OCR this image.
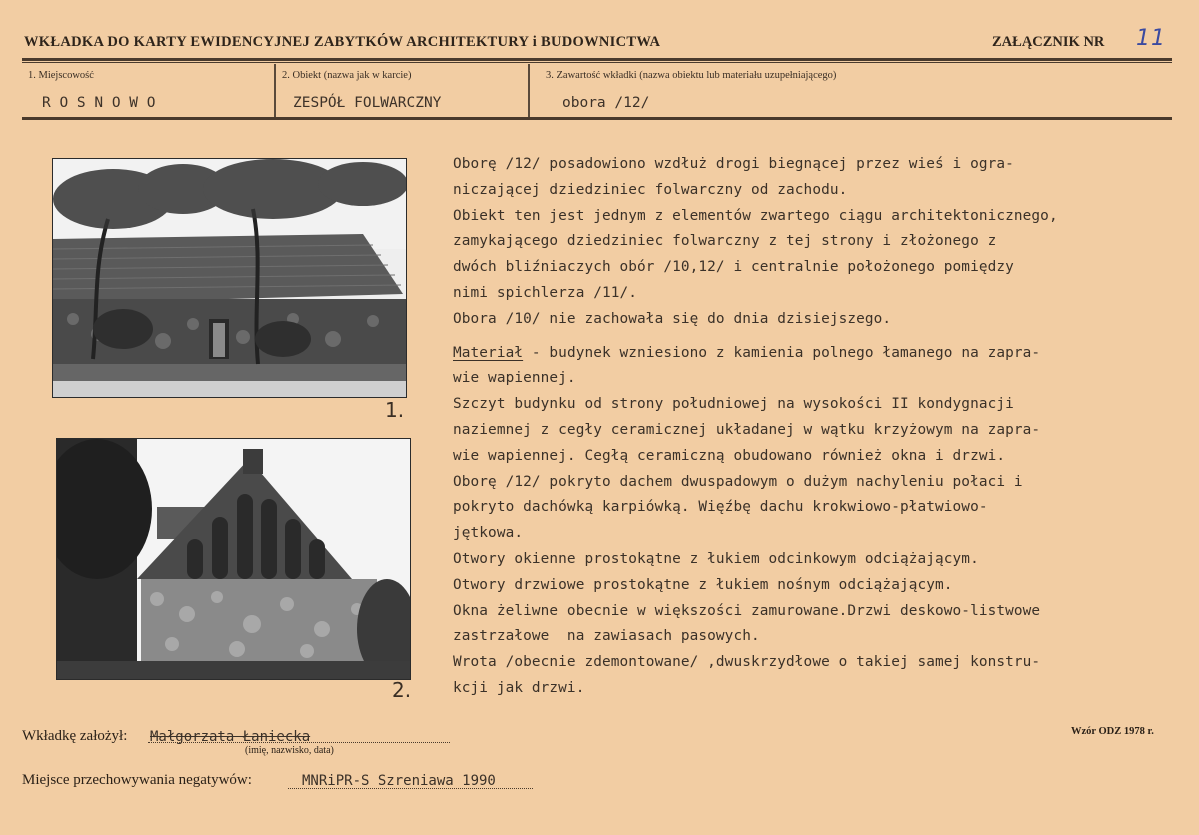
WKŁADKA DO KARTY EWIDENCYJNEJ ZABYTKÓW ARCHITEKTURY i BUDOWNICTWA	ZAŁĄCZNIK NR 11
1. Miejscowość
R O S N O W O
2. Obiekt (nazwa jak w karcie)
ZESPÓŁ FOLWARCZNY
3. Zawartość wkładki (nazwa obiektu lub materiału uzupełniającego)
obora /12/
1.
2.
Oborę /12/ posadowiono wzdłuż drogi biegnącej przez wieś i ogra-
niczającej dziedziniec folwarczny od zachodu.
Obiekt ten jest jednym z elementów zwartego ciągu architektonicznego,
zamykającego dziedziniec folwarczny z tej strony i złożonego z
dwóch bliźniaczych obór /10,12/ i centralnie położonego pomiędzy
nimi spichlerza /11/.
Obora /10/ nie zachowała się do dnia dzisiejszego.
Materiał - budynek wzniesiono z kamienia polnego łamanego na zapra-
wie wapiennej.
Szczyt budynku od strony południowej na wysokości II kondygnacji
naziemnej z cegły ceramicznej układanej w wątku krzyżowym na zapra-
wie wapiennej. Cegłą ceramiczną obudowano również okna i drzwi.
Oborę /12/ pokryto dachem dwuspadowym o dużym nachyleniu połaci i
pokryto dachówką karpiówką. Więźbę dachu krokwiowo-płatwiowo-
jętkowa.
Otwory okienne prostokątne z łukiem odcinkowym odciążającym.
Otwory drzwiowe prostokątne z łukiem nośnym odciążającym.
Okna żeliwne obecnie w większości zamurowane.Drzwi deskowo-listwowe
zastrzałowe  na zawiasach pasowych.
Wrota /obecnie zdemontowane/ ,dwuskrzydłowe o takiej samej konstru-
kcji jak drzwi.
Wkładkę założył: Małgorzata Łaniecka
(imię, nazwisko, data)
Wzór ODZ 1978 r.
Miejsce przechowywania negatywów:	MNRiPR-S Szreniawa 1990
